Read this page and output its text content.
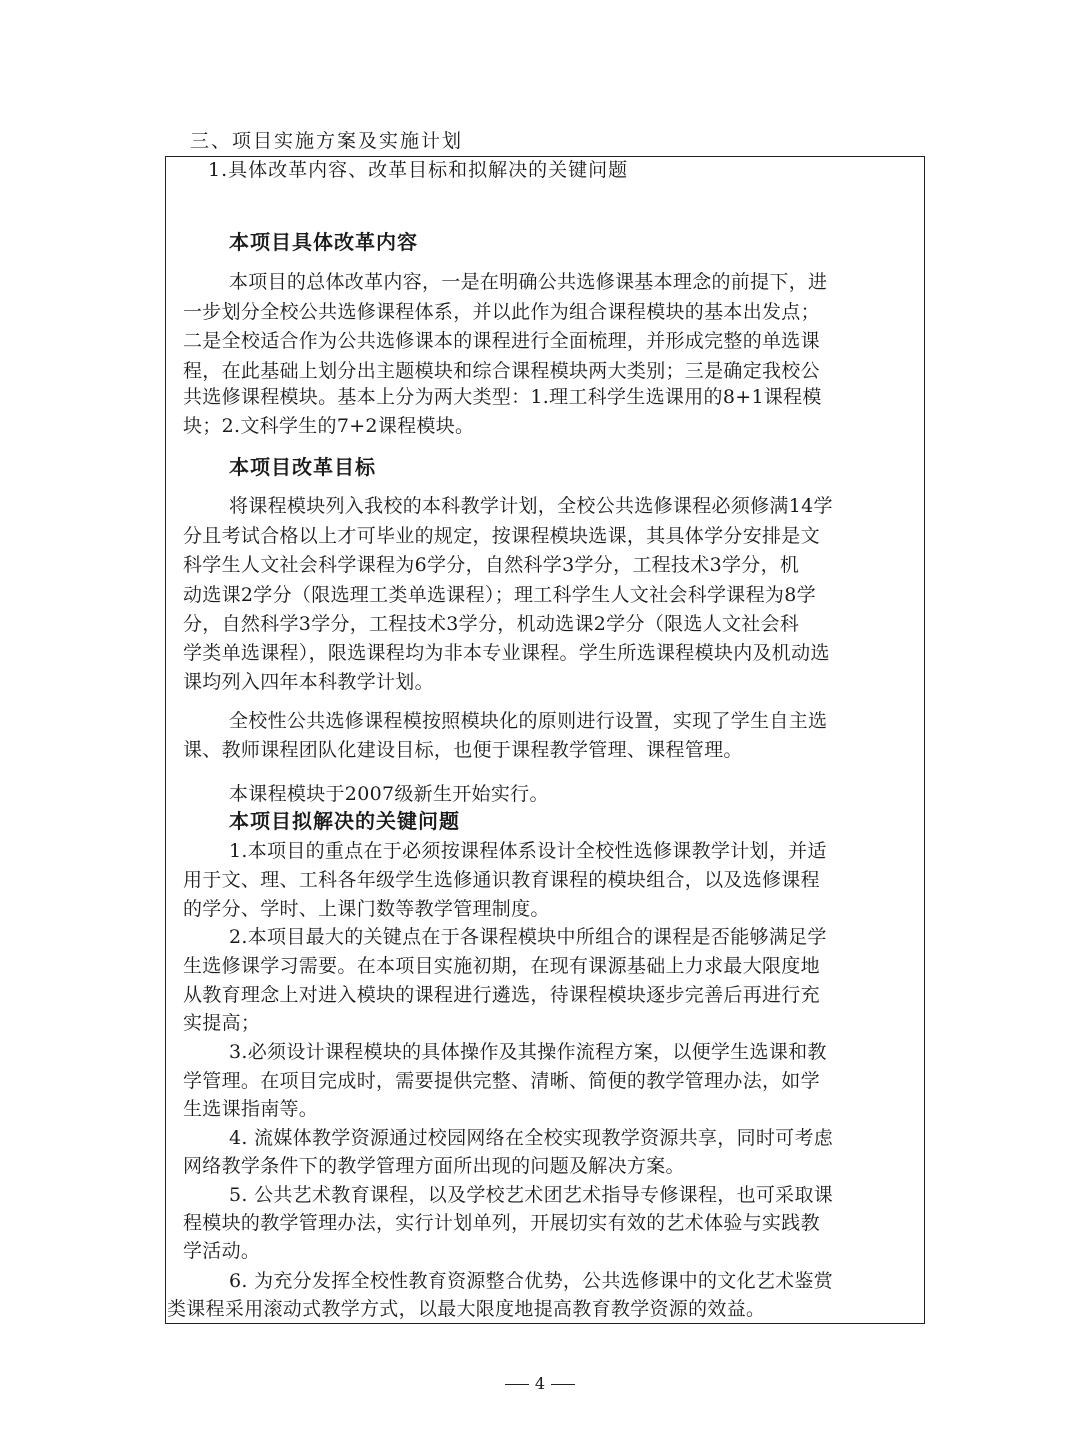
三、项目实施方案及实施计划
1.具体改革内容、改革目标和拟解决的关键问题
本项目具体改革内容
本项目的总体改革内容，一是在明确公共选修课基本理念的前提下，进
一步划分全校公共选修课程体系，并以此作为组合课程模块的基本出发点；
二是全校适合作为公共选修课本的课程进行全面梳理，并形成完整的单选课
程，在此基础上划分出主题模块和综合课程模块两大类别；三是确定我校公
共选修课程模块。基本上分为两大类型：1.理工科学生选课用的8+1课程模
块；2.文科学生的7+2课程模块。
本项目改革目标
将课程模块列入我校的本科教学计划，全校公共选修课程必须修满14学
分且考试合格以上才可毕业的规定，按课程模块选课，其具体学分安排是文
科学生人文社会科学课程为6学分，自然科学3学分，工程技术3学分，机
动选课2学分（限选理工类单选课程）；理工科学生人文社会科学课程为8学
分，自然科学3学分，工程技术3学分，机动选课2学分（限选人文社会科
学类单选课程），限选课程均为非本专业课程。学生所选课程模块内及机动选
课均列入四年本科教学计划。
全校性公共选修课程模按照模块化的原则进行设置，实现了学生自主选
课、教师课程团队化建设目标，也便于课程教学管理、课程管理。
本课程模块于2007级新生开始实行。
本项目拟解决的关键问题
1.本项目的重点在于必须按课程体系设计全校性选修课教学计划，并适
用于文、理、工科各年级学生选修通识教育课程的模块组合，以及选修课程
的学分、学时、上课门数等教学管理制度。
2.本项目最大的关键点在于各课程模块中所组合的课程是否能够满足学
生选修课学习需要。在本项目实施初期，在现有课源基础上力求最大限度地
从教育理念上对进入模块的课程进行遴选，待课程模块逐步完善后再进行充
实提高；
3.必须设计课程模块的具体操作及其操作流程方案，以便学生选课和教
学管理。在项目完成时，需要提供完整、清晰、简便的教学管理办法，如学
生选课指南等。
4. 流媒体教学资源通过校园网络在全校实现教学资源共享，同时可考虑
网络教学条件下的教学管理方面所出现的问题及解决方案。
5. 公共艺术教育课程，以及学校艺术团艺术指导专修课程，也可采取课
程模块的教学管理办法，实行计划单列，开展切实有效的艺术体验与实践教
学活动。
6. 为充分发挥全校性教育资源整合优势，公共选修课中的文化艺术鉴赏
类课程采用滚动式教学方式，以最大限度地提高教育教学资源的效益。
4
